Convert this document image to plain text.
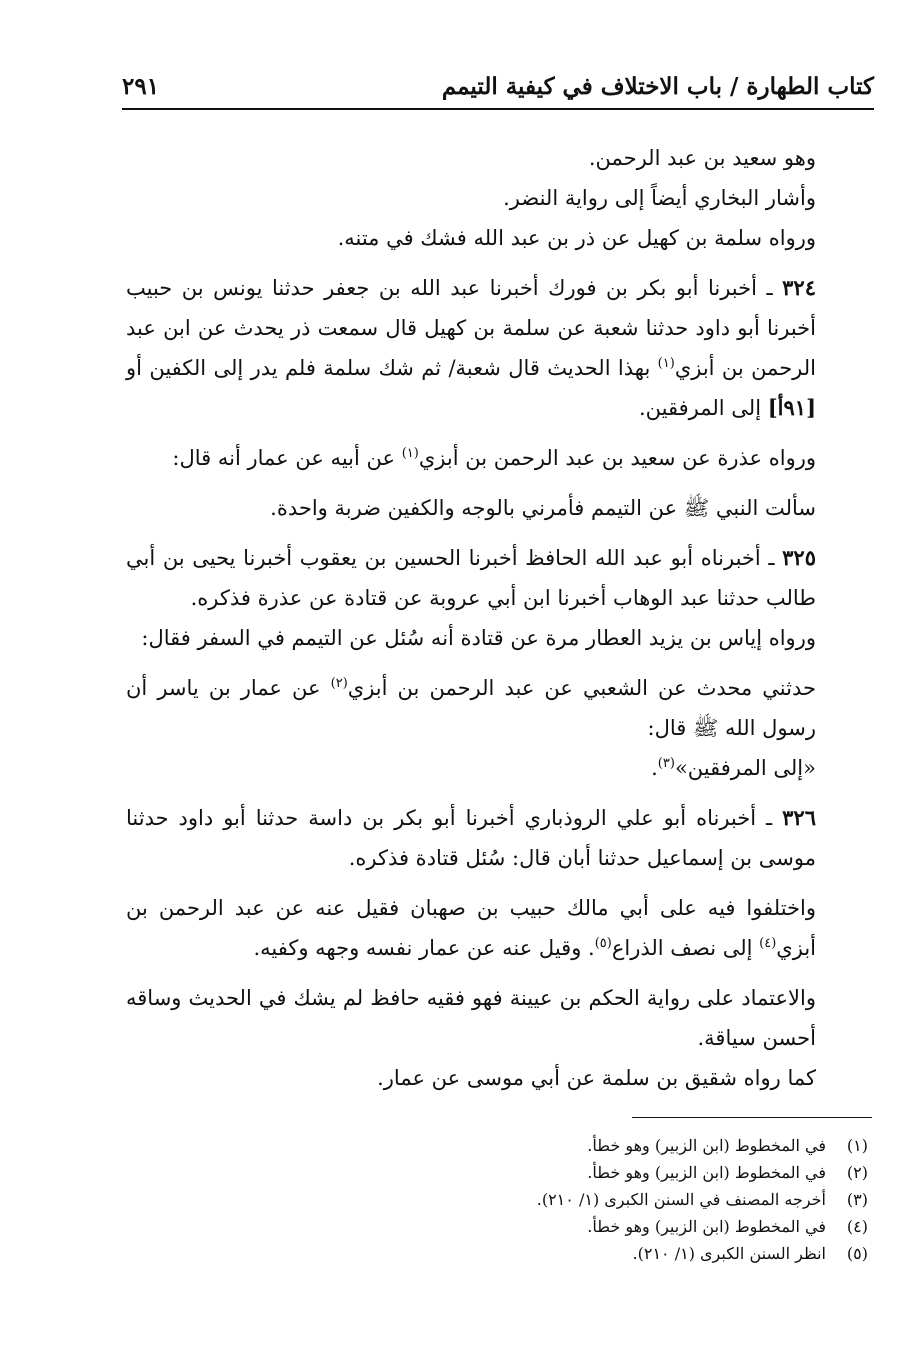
كتاب الطهارة / باب الاختلاف في كيفية التيمم
٢٩١

وهو سعيد بن عبد الرحمن.

وأشار البخاري أيضاً إلى رواية النضر.

ورواه سلمة بن كهيل عن ذر بن عبد الله فشك في متنه.

٣٢٤ ـ أخبرنا أبو بكر بن فورك أخبرنا عبد الله بن جعفر حدثنا يونس بن حبيب أخبرنا أبو داود حدثنا شعبة عن سلمة بن كهيل قال سمعت ذر يحدث عن ابن عبد الرحمن بن أبزي$^{(١)}$ بهذا الحديث قال شعبة/ ثم شك سلمة فلم يدر إلى الكفين أو [٩١أ] إلى المرفقين.

ورواه عذرة عن سعيد بن عبد الرحمن بن أبزي$^{(١)}$ عن أبيه عن عمار أنه قال:

سألت النبي ﷺ عن التيمم فأمرني بالوجه والكفين ضربة واحدة.

٣٢٥ ـ أخبرناه أبو عبد الله الحافظ أخبرنا الحسين بن يعقوب أخبرنا يحيى بن أبي طالب حدثنا عبد الوهاب أخبرنا ابن أبي عروبة عن قتادة عن عذرة فذكره.

ورواه إياس بن يزيد العطار مرة عن قتادة أنه سُئل عن التيمم في السفر فقال:

حدثني محدث عن الشعبي عن عبد الرحمن بن أبزي$^{(٢)}$ عن عمار بن ياسر أن رسول الله ﷺ قال:

«إلى المرفقين»$^{(٣)}$.

٣٢٦ ـ أخبرناه أبو علي الروذباري أخبرنا أبو بكر بن داسة حدثنا أبو داود حدثنا موسى بن إسماعيل حدثنا أبان قال: سُئل قتادة فذكره.

واختلفوا فيه على أبي مالك حبيب بن صهبان فقيل عنه عن عبد الرحمن بن أبزي$^{(٤)}$ إلى نصف الذراع$^{(٥)}$. وقيل عنه عن عمار نفسه وجهه وكفيه.

والاعتماد على رواية الحكم بن عيينة فهو فقيه حافظ لم يشك في الحديث وساقه أحسن سياقة.

كما رواه شقيق بن سلمة عن أبي موسى عن عمار.

(١)
في المخطوط (ابن الزبير) وهو خطأ.
(٢)
في المخطوط (ابن الزبير) وهو خطأ.
(٣)
أخرجه المصنف في السنن الكبرى (١/ ٢١٠).
(٤)
في المخطوط (ابن الزبير) وهو خطأ.
(٥)
انظر السنن الكبرى (١/ ٢١٠).
